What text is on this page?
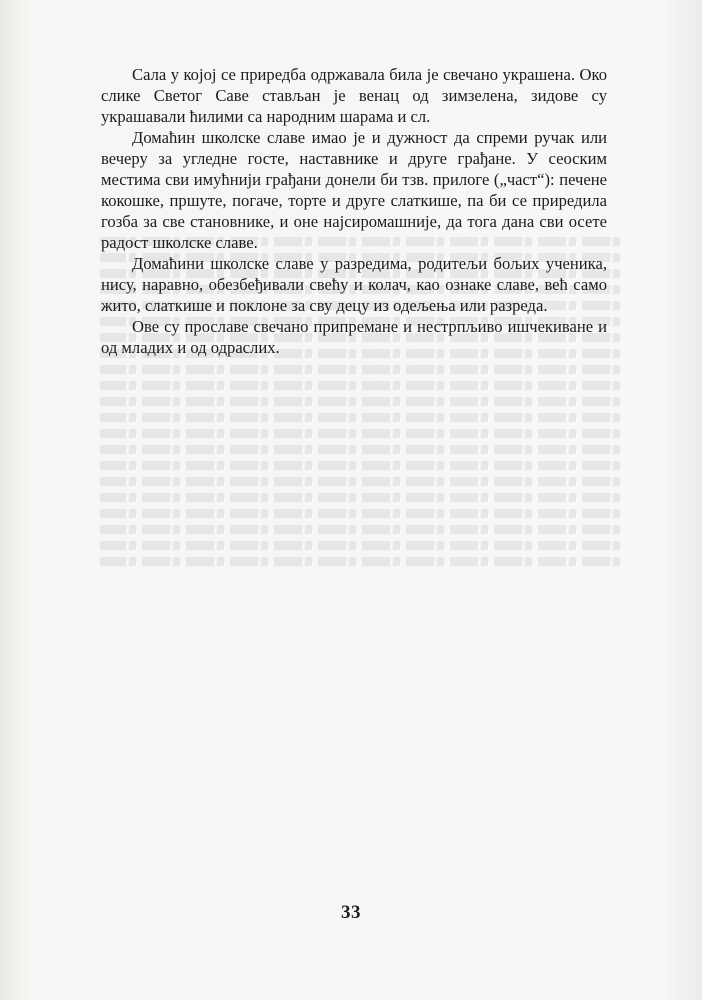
Сала у којој се приредба одржавала била је свечано украшена. Око слике Светог Саве стављан је венац од зимзелена, зидове су украшавали ћилими са народним шарама и сл.

Домаћин школске славе имао је и дужност да спреми ручак или вечеру за угледне госте, наставнике и друге грађане. У сеоским местима сви имућнији грађани донели би тзв. прилоге („част“): печене кокошке, пршуте, погаче, торте и друге слаткише, па би се приредила гозба за све становнике, и оне најсиромашније, да тога дана сви осете радост школске славе.

Домаћини школске славе у разредима, родитељи бољих ученика, нису, наравно, обезбеђивали свећу и колач, као ознаке славе, већ само жито, слаткише и поклоне за сву децу из одељења или разреда.

Ове су прославе свечано припремане и нестрпљиво ишчекиване и од младих и од одраслих.

33
